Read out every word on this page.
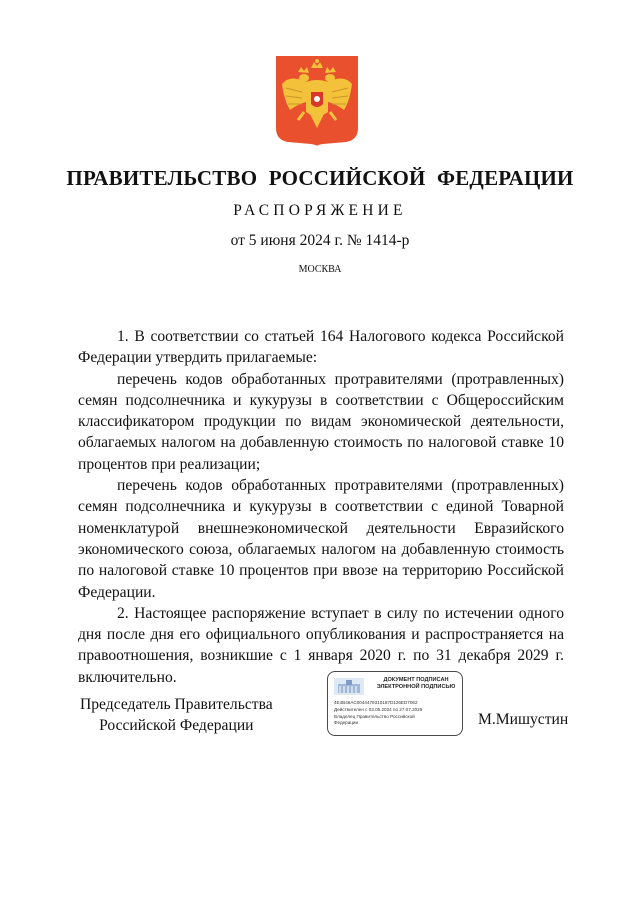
ПРАВИТЕЛЬСТВО РОССИЙСКОЙ ФЕДЕРАЦИИ
РАСПОРЯЖЕНИЕ
от 5 июня 2024 г. № 1414-р
МОСКВА

1. В соответствии со статьей 164 Налогового кодекса Российской Федерации утвердить прилагаемые:

перечень кодов обработанных протравителями (протравленных) семян подсолнечника и кукурузы в соответствии с Общероссийским классификатором продукции по видам экономической деятельности, облагаемых налогом на добавленную стоимость по налоговой ставке 10 процентов при реализации;

перечень кодов обработанных протравителями (протравленных) семян подсолнечника и кукурузы в соответствии с единой Товарной номенклатурой внешнеэкономической деятельности Евразийского экономического союза, облагаемых налогом на добавленную стоимость по налоговой ставке 10 процентов при ввозе на территорию Российской Федерации.

2. Настоящее распоряжение вступает в силу по истечении одного дня после дня его официального опубликования и распространяется на правоотношения, возникшие с 1 января 2020 г. по 31 декабря 2029 г. включительно.

Председатель Правительства
Российской Федерации
ДОКУМЕНТ ПОДПИСАН
ЭЛЕКТРОННОЙ ПОДПИСЬЮ
4E4B46AC0044479310187D126ED7062
Действителен с 03.05.2024 по 27.07.2025
Владелец Правительство Российской
Федерации	М.Мишустин
